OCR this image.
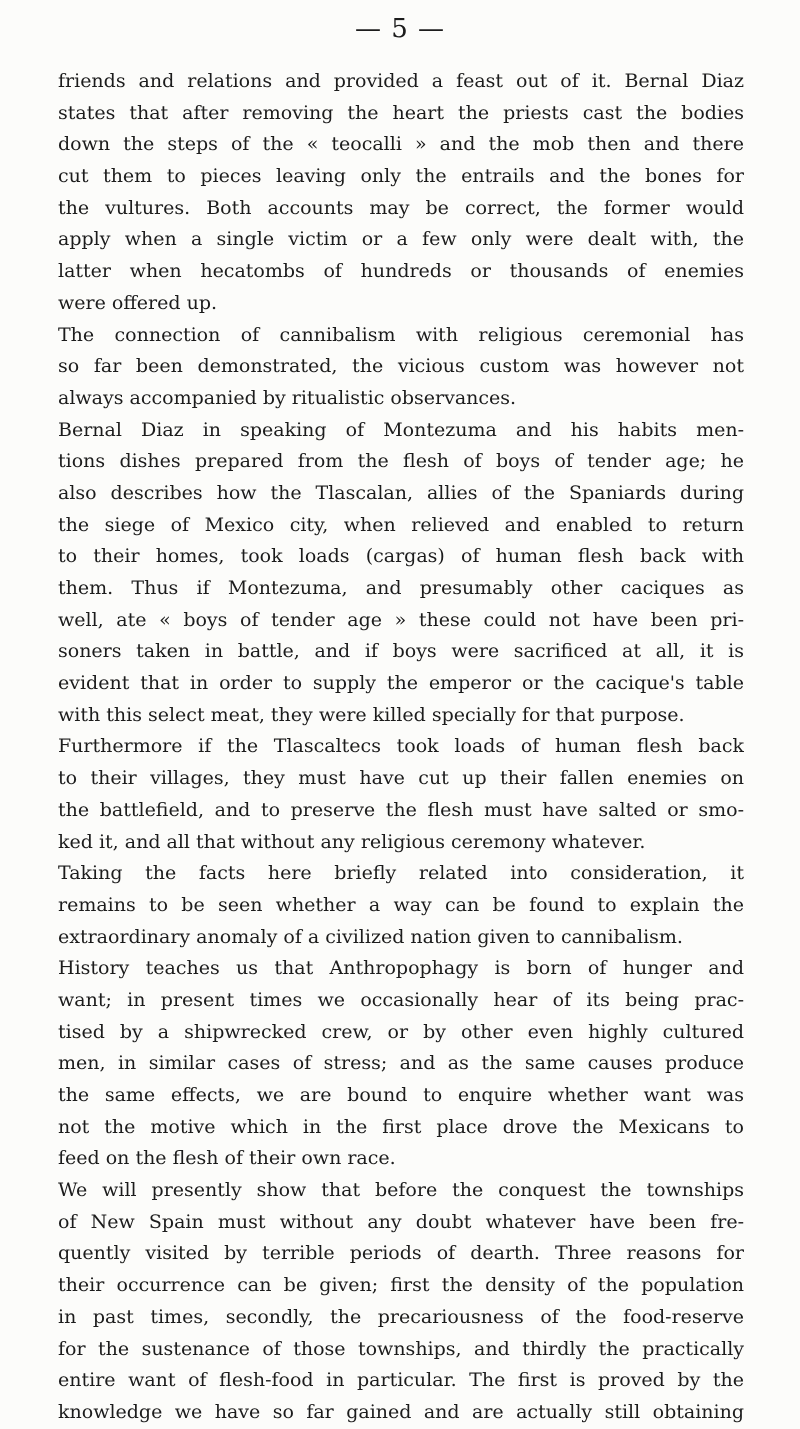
— 5 —
friends and relations and provided a feast out of it. Bernal Diaz
states that after removing the heart the priests cast the bodies
down the steps of the « teocalli » and the mob then and there
cut them to pieces leaving only the entrails and the bones for
the vultures. Both accounts may be correct, the former would
apply when a single victim or a few only were dealt with, the
latter when hecatombs of hundreds or thousands of enemies
were offered up.
The connection of cannibalism with religious ceremonial has
so far been demonstrated, the vicious custom was however not
always accompanied by ritualistic observances.
Bernal Diaz in speaking of Montezuma and his habits men-
tions dishes prepared from the flesh of boys of tender age; he
also describes how the Tlascalan, allies of the Spaniards during
the siege of Mexico city, when relieved and enabled to return
to their homes, took loads (cargas) of human flesh back with
them. Thus if Montezuma, and presumably other caciques as
well, ate « boys of tender age » these could not have been pri-
soners taken in battle, and if boys were sacrificed at all, it is
evident that in order to supply the emperor or the cacique's table
with this select meat, they were killed specially for that purpose.
Furthermore if the Tlascaltecs took loads of human flesh back
to their villages, they must have cut up their fallen enemies on
the battlefield, and to preserve the flesh must have salted or smo-
ked it, and all that without any religious ceremony whatever.
Taking the facts here briefly related into consideration, it
remains to be seen whether a way can be found to explain the
extraordinary anomaly of a civilized nation given to cannibalism.
History teaches us that Anthropophagy is born of hunger and
want; in present times we occasionally hear of its being prac-
tised by a shipwrecked crew, or by other even highly cultured
men, in similar cases of stress; and as the same causes produce
the same effects, we are bound to enquire whether want was
not the motive which in the first place drove the Mexicans to
feed on the flesh of their own race.
We will presently show that before the conquest the townships
of New Spain must without any doubt whatever have been fre-
quently visited by terrible periods of dearth. Three reasons for
their occurrence can be given; first the density of the population
in past times, secondly, the precariousness of the food-reserve
for the sustenance of those townships, and thirdly the practically
entire want of flesh-food in particular. The first is proved by the
knowledge we have so far gained and are actually still obtaining
